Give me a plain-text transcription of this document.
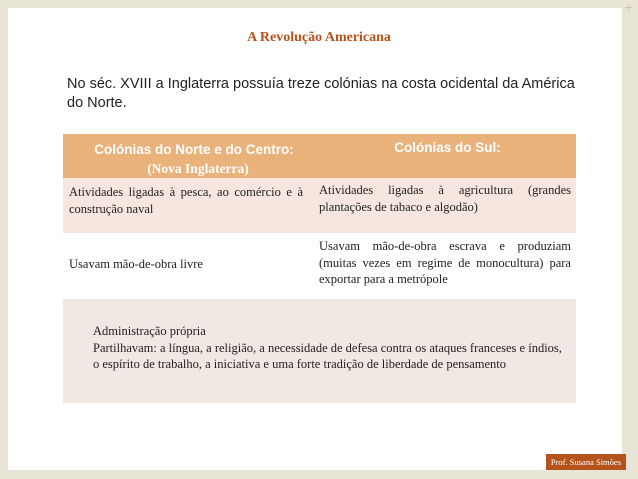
A Revolução Americana
No séc. XVIII a Inglaterra possuía treze colónias na costa ocidental da América do Norte.
Colónias do Norte e do Centro:
(Nova Inglaterra)
Colónias do Sul:
Atividades ligadas à pesca, ao comércio e à construção naval
Atividades ligadas à agricultura (grandes plantações de tabaco e algodão)
Usavam mão-de-obra livre
Usavam mão-de-obra escrava e produziam (muitas vezes em regime de monocultura) para exportar para a metrópole
Administração própria
Partilhavam: a língua, a religião, a necessidade de defesa contra os ataques franceses e índios, o espírito de trabalho, a iniciativa e uma forte tradição de liberdade de pensamento
Prof. Susana Simões
